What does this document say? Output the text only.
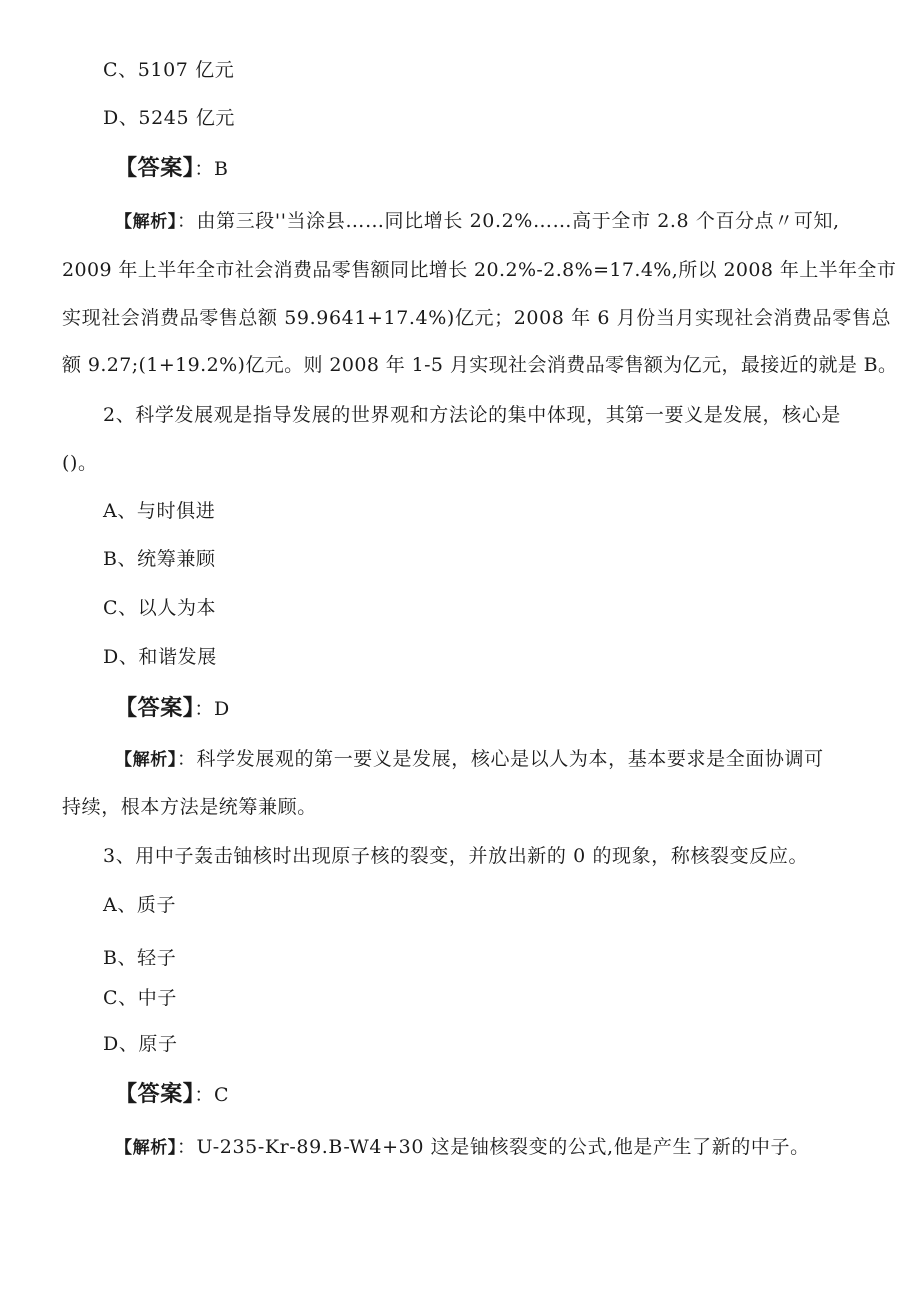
C、5107 亿元
D、5245 亿元
【答案】：B
【解析】：由第三段''当涂县……同比增长 20.2%……高于全市 2.8 个百分点〃可知,
2009 年上半年全市社会消费品零售额同比增长 20.2%-2.8%=17.4%,所以 2008 年上半年全市
实现社会消费品零售总额 59.9641+17.4%)亿元；2008 年 6 月份当月实现社会消费品零售总
额 9.27;(1+19.2%)亿元。则 2008 年 1-5 月实现社会消费品零售额为亿元，最接近的就是 B。
2、科学发展观是指导发展的世界观和方法论的集中体现，其第一要义是发展，核心是
()。
A、与时俱进
B、统筹兼顾
C、以人为本
D、和谐发展
【答案】：D
【解析】：科学发展观的第一要义是发展，核心是以人为本，基本要求是全面协调可
持续，根本方法是统筹兼顾。
3、用中子轰击铀核时出现原子核的裂变，并放出新的 0 的现象，称核裂变反应。
A、质子
B、轻子
C、中子
D、原子
【答案】：C
【解析】：U-235-Kr-89.B-W4+30 这是铀核裂变的公式,他是产生了新的中子。
